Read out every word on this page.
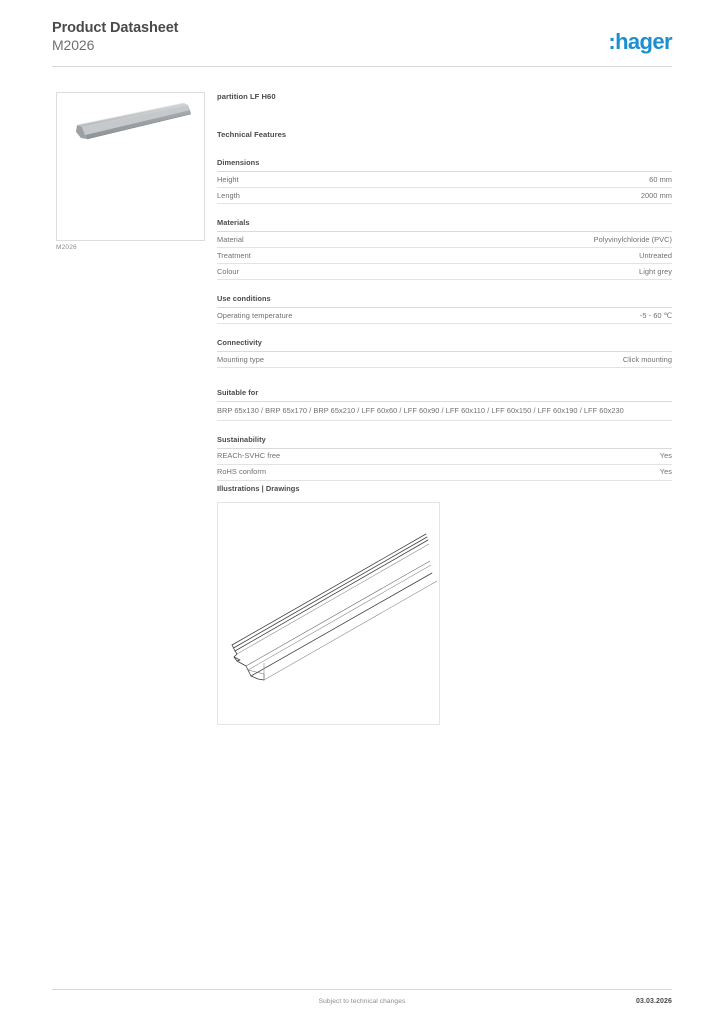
Product Datasheet
M2026	:hager
M2026
partition LF H60
Technical Features
Dimensions
Height	60 mm
Length	2000 mm
Materials
Material	Polyvinylchloride (PVC)
Treatment	Untreated
Colour	Light grey
Use conditions
Operating temperature	-5 - 60 ℃
Connectivity
Mounting type	Click mounting
Suitable for
BRP 65x130 / BRP 65x170 / BRP 65x210 / LFF 60x60 / LFF 60x90 / LFF 60x110 / LFF 60x150 / LFF 60x190 / LFF 60x230
Sustainability
REACh-SVHC free	Yes
RoHS conform	Yes
Illustrations | Drawings
Subject to technical changes	03.03.2026
